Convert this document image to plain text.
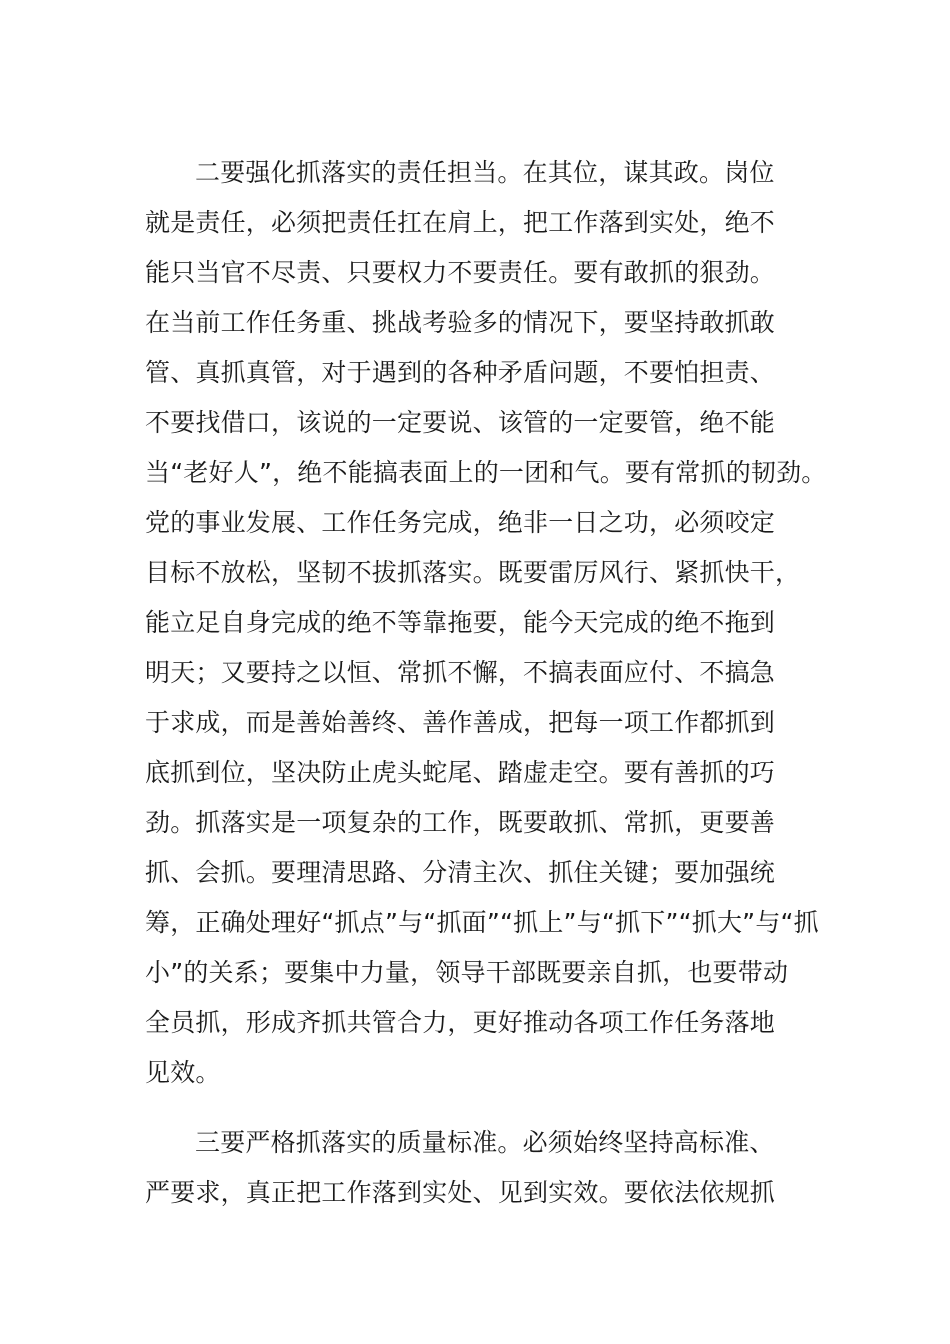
二要强化抓落实的责任担当。在其位，谋其政。岗位
就是责任，必须把责任扛在肩上，把工作落到实处，绝不
能只当官不尽责、只要权力不要责任。要有敢抓的狠劲。
在当前工作任务重、挑战考验多的情况下，要坚持敢抓敢
管、真抓真管，对于遇到的各种矛盾问题，不要怕担责、
不要找借口，该说的一定要说、该管的一定要管，绝不能
当“老好人”，绝不能搞表面上的一团和气。要有常抓的韧劲。
党的事业发展、工作任务完成，绝非一日之功，必须咬定
目标不放松，坚韧不拔抓落实。既要雷厉风行、紧抓快干，
能立足自身完成的绝不等靠拖要，能今天完成的绝不拖到
明天；又要持之以恒、常抓不懈，不搞表面应付、不搞急
于求成，而是善始善终、善作善成，把每一项工作都抓到
底抓到位，坚决防止虎头蛇尾、踏虚走空。要有善抓的巧
劲。抓落实是一项复杂的工作，既要敢抓、常抓，更要善
抓、会抓。要理清思路、分清主次、抓住关键；要加强统
筹，正确处理好“抓点”与“抓面”“抓上”与“抓下”“抓大”与“抓
小”的关系；要集中力量，领导干部既要亲自抓，也要带动
全员抓，形成齐抓共管合力，更好推动各项工作任务落地
见效。
三要严格抓落实的质量标准。必须始终坚持高标准、
严要求，真正把工作落到实处、见到实效。要依法依规抓
